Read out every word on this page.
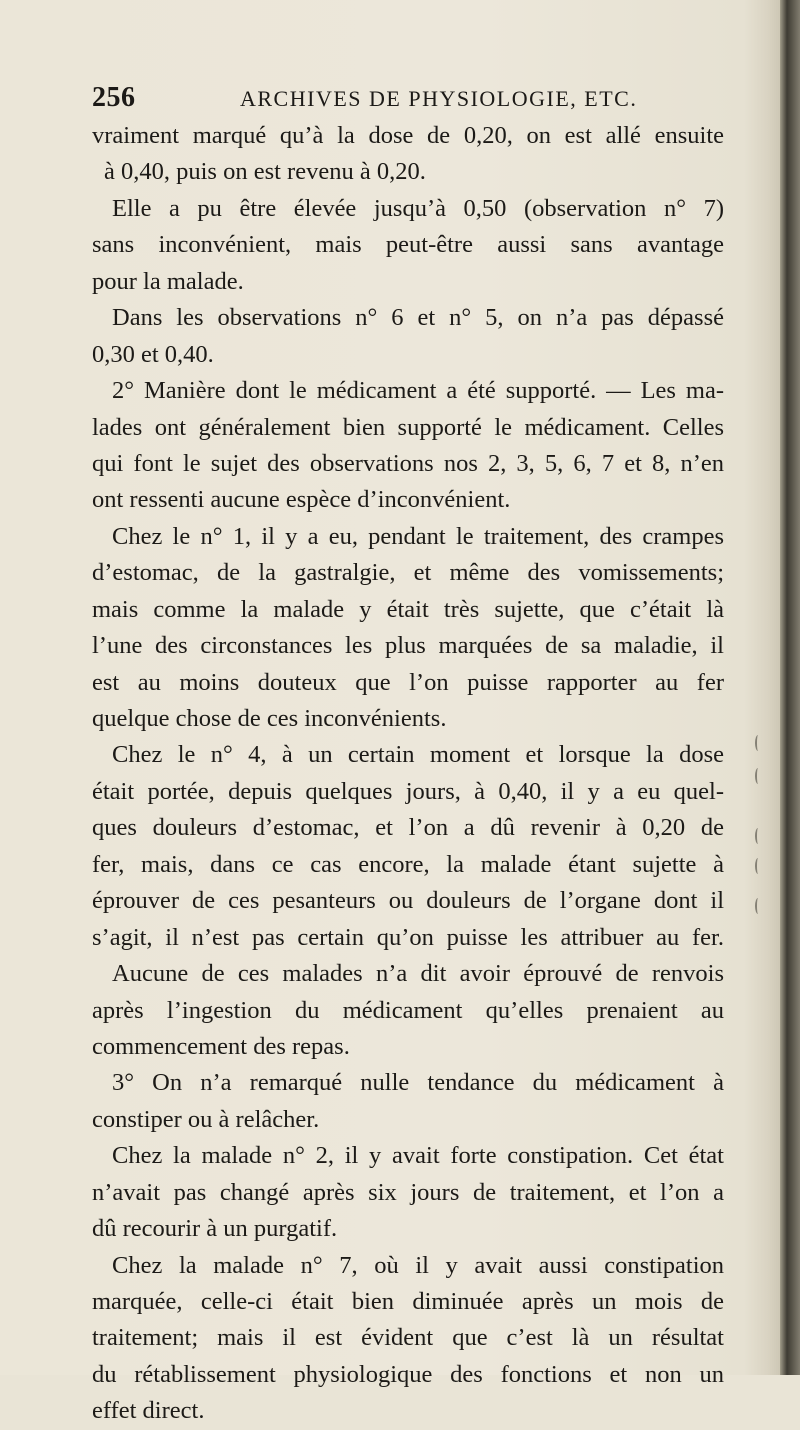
256	ARCHIVES DE PHYSIOLOGIE, ETC.
vraiment marqué qu’à la dose de 0,20, on est allé ensuite
à 0,40, puis on est revenu à 0,20.
Elle a pu être élevée jusqu’à 0,50 (observation n° 7)
sans inconvénient, mais peut-être aussi sans avantage
pour la malade.
Dans les observations n° 6 et n° 5, on n’a pas dépassé
0,30 et 0,40.
2° Manière dont le médicament a été supporté. — Les ma-
lades ont généralement bien supporté le médicament. Celles
qui font le sujet des observations nos 2, 3, 5, 6, 7 et 8, n’en
ont ressenti aucune espèce d’inconvénient.
Chez le n° 1, il y a eu, pendant le traitement, des crampes
d’estomac, de la gastralgie, et même des vomissements;
mais comme la malade y était très sujette, que c’était là
l’une des circonstances les plus marquées de sa maladie, il
est au moins douteux que l’on puisse rapporter au fer
quelque chose de ces inconvénients.
Chez le n° 4, à un certain moment et lorsque la dose
était portée, depuis quelques jours, à 0,40, il y a eu quel-
ques douleurs d’estomac, et l’on a dû revenir à 0,20 de
fer, mais, dans ce cas encore, la malade étant sujette à
éprouver de ces pesanteurs ou douleurs de l’organe dont il
s’agit, il n’est pas certain qu’on puisse les attribuer au fer.
Aucune de ces malades n’a dit avoir éprouvé de renvois
après l’ingestion du médicament qu’elles prenaient au
commencement des repas.
3° On n’a remarqué nulle tendance du médicament à
constiper ou à relâcher.
Chez la malade n° 2, il y avait forte constipation. Cet état
n’avait pas changé après six jours de traitement, et l’on a
dû recourir à un purgatif.
Chez la malade n° 7, où il y avait aussi constipation
marquée, celle-ci était bien diminuée après un mois de
traitement; mais il est évident que c’est là un résultat
du rétablissement physiologique des fonctions et non un
effet direct.
